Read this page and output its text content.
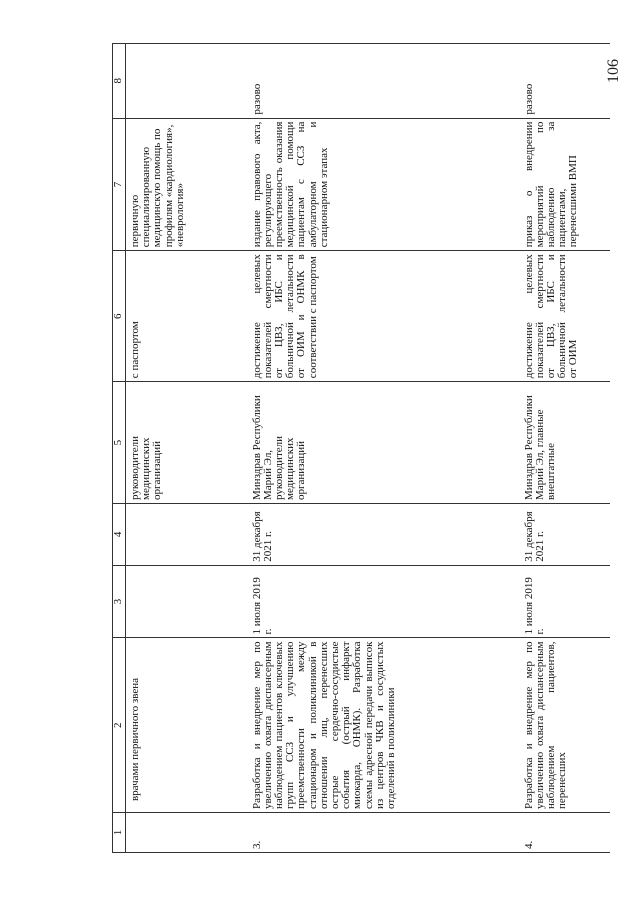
106
1	2	3	4	5	6	7	8
	врачами первичного звена			руководители медицинских организаций	с паспортом	первичную специализированную медицинскую помощь по профилям «кардиология», «неврология»	
3.	Разработка и внедрение мер по увеличению охвата диспансерным наблюдением пациентов ключевых групп ССЗ и улучшению преемственности между стационаром и поликлиникой в отношении лиц, перенесших острые сердечно-сосудистые события (острый инфаркт миокарда, ОНМК). Разработка схемы адресной передачи выписок из центров ЧКВ и сосудистых отделений в поликлиники	1 июля 2019 г.	31 декабря 2021 г.	Минздрав Республики Марий Эл, руководители медицинских организаций	достижение целевых показателей смертности от ЦВЗ, ИБС и больничной летальности от ОИМ и ОНМК в соответствии с паспортом	издание правового акта, регулирующего преемственность оказания медицинской помощи пациентам с ССЗ на амбулаторном и стационарном этапах	разово
4.	Разработка и внедрение мер по увеличению охвата диспансерным наблюдением пациентов, перенесших	1 июля 2019 г.	31 декабря 2021 г.	Минздрав Республики Марий Эл, главные внештатные	достижение целевых показателей смертности от ЦВЗ, ИБС и больничной летальности от ОИМ	приказ о внедрении мероприятий по наблюдению за пациентами, перенесшими ВМП	разово
